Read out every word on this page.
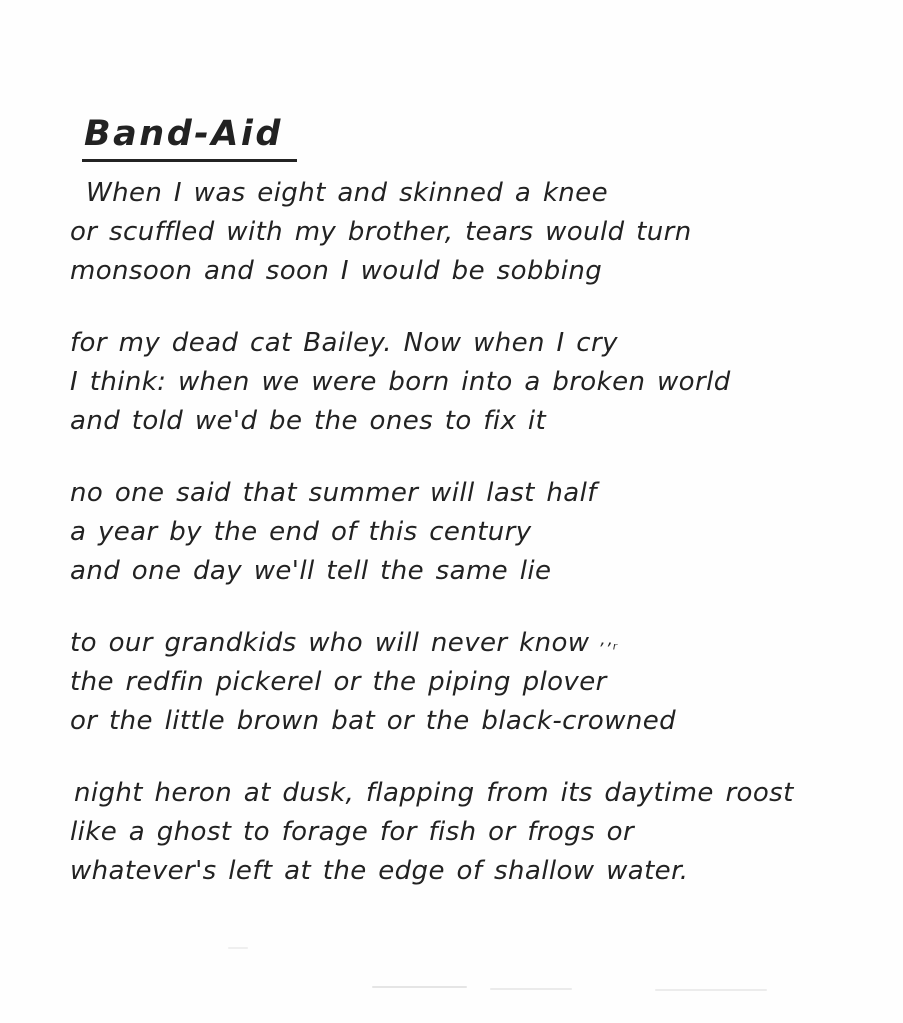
Band-Aid
When I was eight and skinned a knee
or scuffled with my brother, tears would turn
monsoon and soon I would be sobbing
for my dead cat Bailey. Now when I cry
I think: when we were born into a broken world
and told we'd be the ones to fix it
no one said that summer will last half
a year by the end of this century
and one day we'll tell the same lie
to our grandkids who will never know
the redfin pickerel or the piping plover
or the little brown bat or the black-crowned
night heron at dusk, flapping from its daytime roost
like a ghost to forage for fish or frogs or
whatever's left at the edge of shallow water.
’’ʳ
